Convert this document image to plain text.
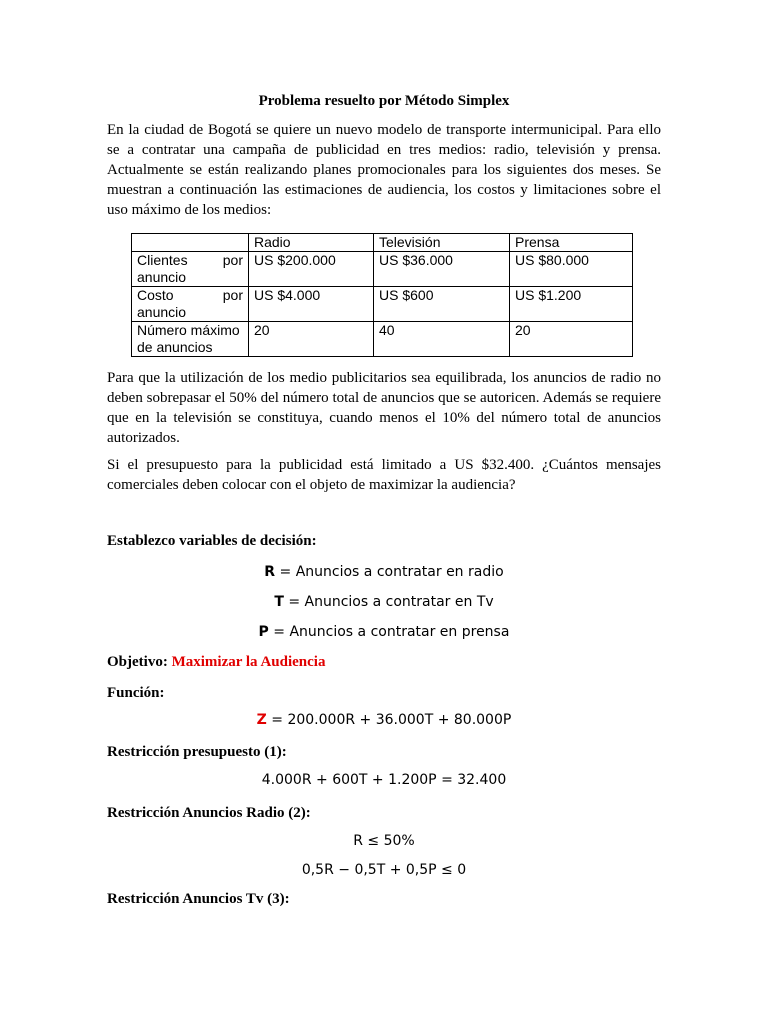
Problema resuelto por Método Simplex
En la ciudad de Bogotá se quiere un nuevo modelo de transporte intermunicipal. Para ello se a contratar una campaña de publicidad en tres medios: radio, televisión y prensa. Actualmente se están realizando planes promocionales para los siguientes dos meses. Se muestran a continuación las estimaciones de audiencia, los costos y limitaciones sobre el uso máximo de los medios:
	Radio	Televisión	Prensa

Clientes por
anuncio	US $200.000	US $36.000	US $80.000

Costo por
anuncio	US $4.000	US $600	US $1.200

Número máximo
de anuncios	20	40	20
Para que la utilización de los medio publicitarios sea equilibrada, los anuncios de radio no deben sobrepasar el 50% del número total de anuncios que se autoricen. Además se requiere que en la televisión se constituya, cuando menos el 10% del número total de anuncios autorizados.
Si el presupuesto para la publicidad está limitado a US $32.400. ¿Cuántos mensajes comerciales deben colocar con el objeto de maximizar la audiencia?
Establezco variables de decisión:
R = Anuncios a contratar en radio
T = Anuncios a contratar en Tv
P = Anuncios a contratar en prensa
Objetivo: Maximizar la Audiencia
Función:
Z = 200.000R + 36.000T + 80.000P
Restricción presupuesto (1):
4.000R + 600T + 1.200P = 32.400
Restricción Anuncios Radio (2):
R ≤ 50%
0,5R − 0,5T + 0,5P ≤ 0
Restricción Anuncios Tv (3):
